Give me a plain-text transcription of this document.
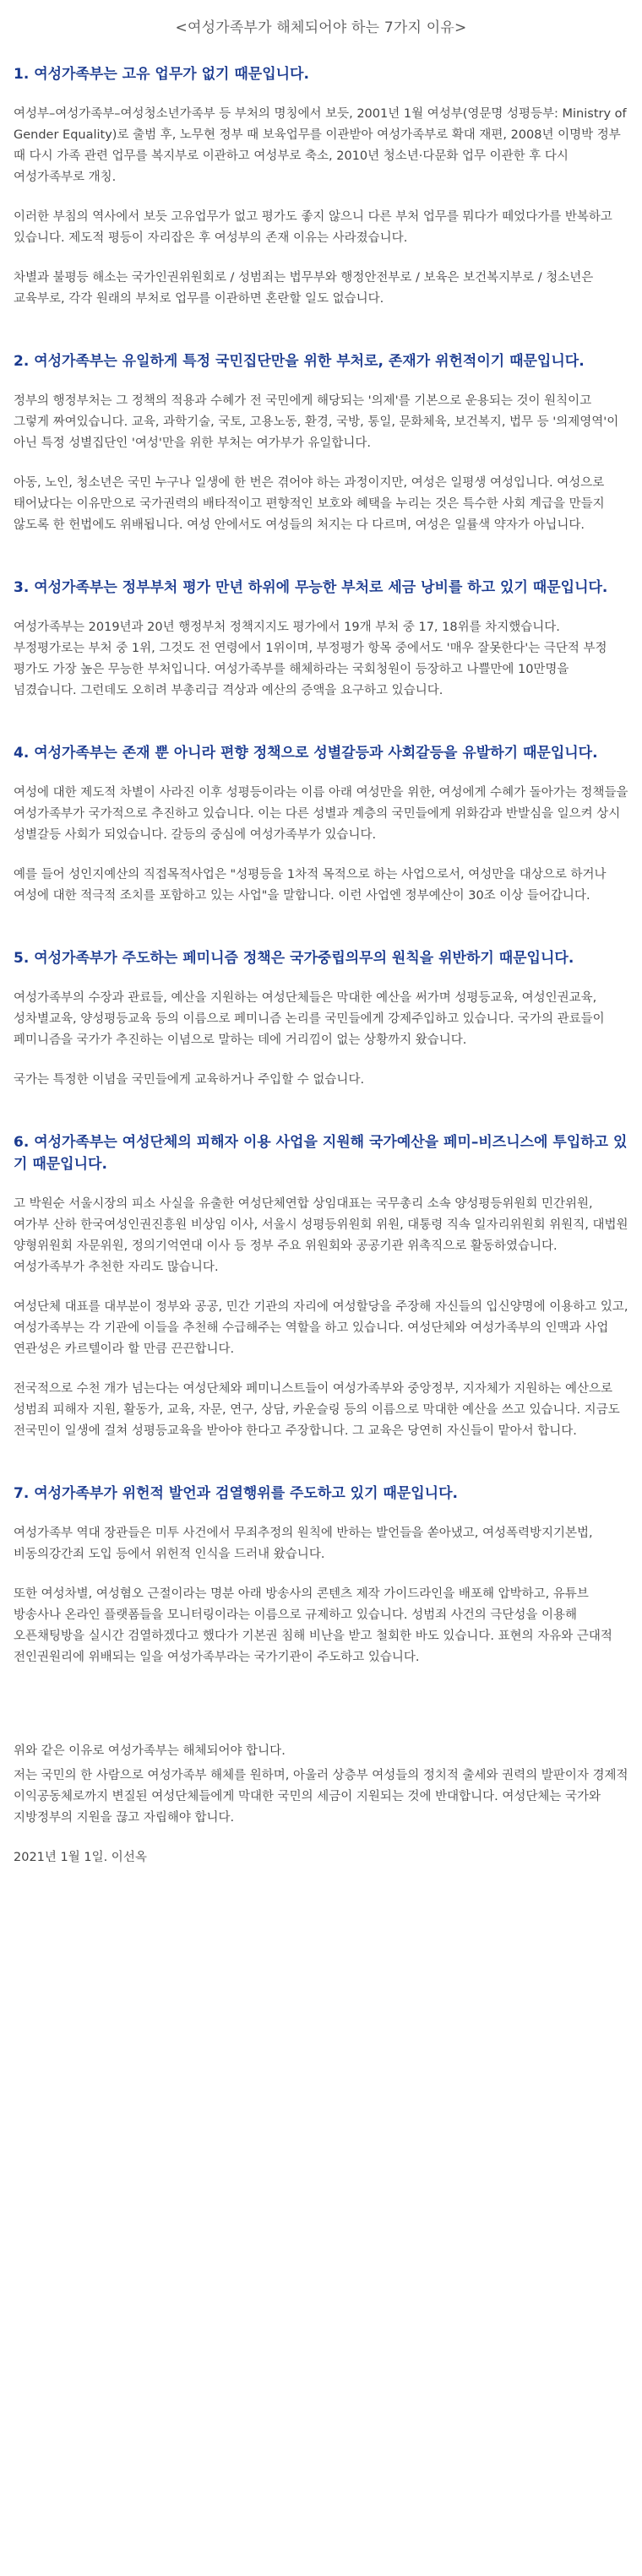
<여성가족부가 해체되어야 하는 7가지 이유>
1. 여성가족부는 고유 업무가 없기 때문입니다.
여성부–여성가족부–여성청소년가족부 등 부처의 명칭에서 보듯, 2001년 1월 여성부(영문명 성평등부: Ministry of Gender Equality)로 출범 후, 노무현 정부 때 보육업무를 이관받아 여성가족부로 확대 재편, 2008년 이명박 정부 때 다시 가족 관련 업무를 복지부로 이관하고 여성부로 축소, 2010년 청소년·다문화 업무 이관한 후 다시 여성가족부로 개칭.
이러한 부침의 역사에서 보듯 고유업무가 없고 평가도 좋지 않으니 다른 부처 업무를 뭐다가 떼었다가를 반복하고 있습니다. 제도적 평등이 자리잡은 후 여성부의 존재 이유는 사라졌습니다.
차별과 불평등 해소는 국가인권위원회로 / 성범죄는 법무부와 행정안전부로 / 보육은 보건복지부로 / 청소년은 교육부로, 각각 원래의 부처로 업무를 이관하면 혼란할 일도 없습니다.
2. 여성가족부는 유일하게 특정 국민집단만을 위한 부처로, 존재가 위헌적이기 때문입니다.
정부의 행정부처는 그 정책의 적용과 수혜가 전 국민에게 해당되는 '의제'를 기본으로 운용되는 것이 원칙이고 그렇게 짜여있습니다. 교육, 과학기술, 국토, 고용노동, 환경, 국방, 통일, 문화체육, 보건복지, 법무 등 '의제영역'이 아닌 특정 성별집단인 '여성'만을 위한 부처는 여가부가 유일합니다.
아동, 노인, 청소년은 국민 누구나 일생에 한 번은 겪어야 하는 과정이지만, 여성은 일평생 여성입니다. 여성으로 태어났다는 이유만으로 국가권력의 배타적이고 편향적인 보호와 혜택을 누리는 것은 특수한 사회 계급을 만들지 않도록 한 헌법에도 위배됩니다. 여성 안에서도 여성들의 처지는 다 다르며, 여성은 일률색 약자가 아닙니다.
3. 여성가족부는 정부부처 평가 만년 하위에 무능한 부처로 세금 낭비를 하고 있기 때문입니다.
여성가족부는 2019년과 20년 행정부처 정책지지도 평가에서 19개 부처 중 17, 18위를 차지했습니다. 부정평가로는 부처 중 1위, 그것도 전 연령에서 1위이며, 부정평가 항목 중에서도 '매우 잘못한다'는 극단적 부정 평가도 가장 높은 무능한 부처입니다. 여성가족부를 해체하라는 국회청원이 등장하고 나쁠만에 10만명을 넘겼습니다. 그런데도 오히려 부총리급 격상과 예산의 증액을 요구하고 있습니다.
4. 여성가족부는 존재 뿐 아니라 편향 정책으로 성별갈등과 사회갈등을 유발하기 때문입니다.
여성에 대한 제도적 차별이 사라진 이후 성평등이라는 이름 아래 여성만을 위한, 여성에게 수혜가 돌아가는 정책들을 여성가족부가 국가적으로 추진하고 있습니다. 이는 다른 성별과 계층의 국민들에게 위화감과 반발심을 일으켜 상시 성별갈등 사회가 되었습니다. 갈등의 중심에 여성가족부가 있습니다.
예를 들어 성인지예산의 직접목적사업은 "성평등을 1차적 목적으로 하는 사업으로서, 여성만을 대상으로 하거나 여성에 대한 적극적 조치를 포함하고 있는 사업"을 말합니다. 이런 사업엔 정부예산이 30조 이상 들어갑니다.
5. 여성가족부가 주도하는 페미니즘 정책은 국가중립의무의 원칙을 위반하기 때문입니다.
여성가족부의 수장과 관료들, 예산을 지원하는 여성단체들은 막대한 예산을 써가며 성평등교육, 여성인권교육, 성차별교육, 양성평등교육 등의 이름으로 페미니즘 논리를 국민들에게 강제주입하고 있습니다. 국가의 관료들이 페미니즘을 국가가 추진하는 이념으로 말하는 데에 거리낌이 없는 상황까지 왔습니다.
국가는 특정한 이념을 국민들에게 교육하거나 주입할 수 없습니다.
6. 여성가족부는 여성단체의 피해자 이용 사업을 지원해 국가예산을 페미–비즈니스에 투입하고 있기 때문입니다.
고 박원순 서울시장의 피소 사실을 유출한 여성단체연합 상임대표는 국무총리 소속 양성평등위원회 민간위원, 여가부 산하 한국여성인권진흥원 비상임 이사, 서울시 성평등위원회 위원, 대통령 직속 일자리위원회 위원직, 대법원 양형위원회 자문위원, 정의기억연대 이사 등 정부 주요 위원회와 공공기관 위촉직으로 활동하였습니다. 여성가족부가 추천한 자리도 많습니다.
여성단체 대표를 대부분이 정부와 공공, 민간 기관의 자리에 여성할당을 주장해 자신들의 입신양명에 이용하고 있고, 여성가족부는 각 기관에 이들을 추천해 수급해주는 역할을 하고 있습니다. 여성단체와 여성가족부의 인맥과 사업 연관성은 카르텔이라 할 만큼 끈끈합니다.
전국적으로 수천 개가 넘는다는 여성단체와 페미니스트들이 여성가족부와 중앙정부, 지자체가 지원하는 예산으로 성범죄 피해자 지원, 활동가, 교육, 자문, 연구, 상담, 카운슬링 등의 이름으로 막대한 예산을 쓰고 있습니다. 지금도 전국민이 일생에 걸쳐 성평등교육을 받아야 한다고 주장합니다. 그 교육은 당연히 자신들이 맡아서 합니다.
7. 여성가족부가 위헌적 발언과 검열행위를 주도하고 있기 때문입니다.
여성가족부 역대 장관들은 미투 사건에서 무죄추정의 원칙에 반하는 발언들을 쏟아냈고, 여성폭력방지기본법, 비동의강간죄 도입 등에서 위헌적 인식을 드러내 왔습니다.
또한 여성차별, 여성혐오 근절이라는 명분 아래 방송사의 콘텐츠 제작 가이드라인을 배포해 압박하고, 유튜브 방송사나 온라인 플랫폼들을 모니터링이라는 이름으로 규제하고 있습니다. 성범죄 사건의 극단성을 이용해 오픈채팅방을 실시간 검열하겠다고 했다가 기본권 침해 비난을 받고 철회한 바도 있습니다. 표현의 자유와 근대적 전인권원리에 위배되는 일을 여성가족부라는 국가기관이 주도하고 있습니다.
위와 같은 이유로 여성가족부는 해체되어야 합니다.
저는 국민의 한 사람으로 여성가족부 해체를 원하며, 아울러 상층부 여성들의 정치적 출세와 권력의 발판이자 경제적 이익공동체로까지 변질된 여성단체들에게 막대한 국민의 세금이 지원되는 것에 반대합니다. 여성단체는 국가와 지방정부의 지원을 끊고 자립해야 합니다.
2021년 1월 1일. 이선옥
